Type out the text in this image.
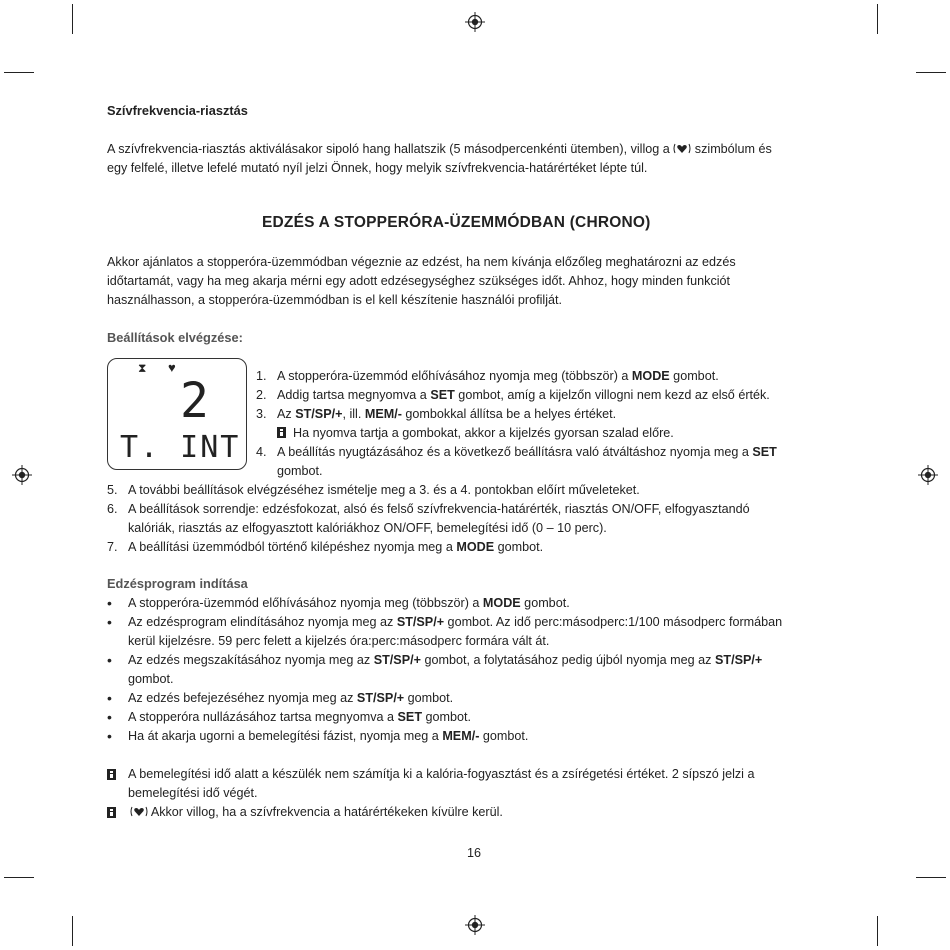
Szívfrekvencia-riasztás
A szívfrekvencia-riasztás aktiválásakor sipoló hang hallatszik (5 másodpercenkénti ütemben), villog a szimbólum és
egy felfelé, illetve lefelé mutató nyíl jelzi Önnek, hogy melyik szívfrekvencia-határértéket lépte túl.
EDZÉS A STOPPERÓRA-ÜZEMMÓDBAN (CHRONO)
Akkor ajánlatos a stopperóra-üzemmódban végeznie az edzést, ha nem kívánja előzőleg meghatározni az edzés
időtartamát, vagy ha meg akarja mérni egy adott edzésegységhez szükséges időt. Ahhoz, hogy minden funkciót
használhasson, a stopperóra-üzemmódban is el kell készítenie használói profilját.
Beállítások elvégzése:
⧗ ♥
2
T. INT
1. A stopperóra-üzemmód előhívásához nyomja meg (többször) a MODE gombot.
2. Addig tartsa megnyomva a SET gombot, amíg a kijelzőn villogni nem kezd az első érték.
3. Az ST/SP/+, ill. MEM/- gombokkal állítsa be a helyes értéket.
Ha nyomva tartja a gombokat, akkor a kijelzés gyorsan szalad előre.
4. A beállítás nyugtázásához és a következő beállításra való átváltáshoz nyomja meg a SET
gombot.
5. A további beállítások elvégzéséhez ismételje meg a 3. és a 4. pontokban előírt műveleteket.
6. A beállítások sorrendje: edzésfokozat, alsó és felső szívfrekvencia-határérték, riasztás ON/OFF, elfogyasztandó
kalóriák, riasztás az elfogyasztott kalóriákhoz ON/OFF, bemelegítési idő (0 – 10 perc).
7. A beállítási üzemmódból történő kilépéshez nyomja meg a MODE gombot.
Edzésprogram indítása
• A stopperóra-üzemmód előhívásához nyomja meg (többször) a MODE gombot.
• Az edzésprogram elindításához nyomja meg az ST/SP/+ gombot. Az idő perc:másodperc:1/100 másodperc formában
kerül kijelzésre. 59 perc felett a kijelzés óra:perc:másodperc formára vált át.
• Az edzés megszakításához nyomja meg az ST/SP/+ gombot, a folytatásához pedig újból nyomja meg az ST/SP/+
gombot.
• Az edzés befejezéséhez nyomja meg az ST/SP/+ gombot.
• A stopperóra nullázásához tartsa megnyomva a SET gombot.
• Ha át akarja ugorni a bemelegítési fázist, nyomja meg a MEM/- gombot.
A bemelegítési idő alatt a készülék nem számítja ki a kalória-fogyasztást és a zsírégetési értéket. 2 sípszó jelzi a
bemelegítési idő végét.
Akkor villog, ha a szívfrekvencia a határértékeken kívülre kerül.
16
